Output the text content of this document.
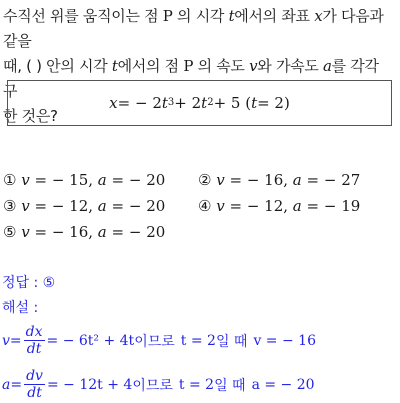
수직선 위를 움직이는 점 P 의 시각 t에서의 좌표 x가 다음과 같을
때, ( ) 안의 시각 t에서의 점 P 의 속도 v와 가속도 a를 각각 구
한 것은?
x = − 2 t 3 + 2 t 2 + 5 ( t = 2)
① v = − 15, a = − 20 ② v = − 16, a = − 27
③ v = − 12, a = − 20 ④ v = − 12, a = − 19
⑤ v = − 16, a = − 20
정답 : ⑤
해설 :
$v = \frac{dx}{dt}$ = − 6t² + 4t 이므로 t = 2 일 때 v = − 16
$a = \frac{dv}{dt}$ = − 12t + 4 이므로 t = 2 일 때 a = − 20
